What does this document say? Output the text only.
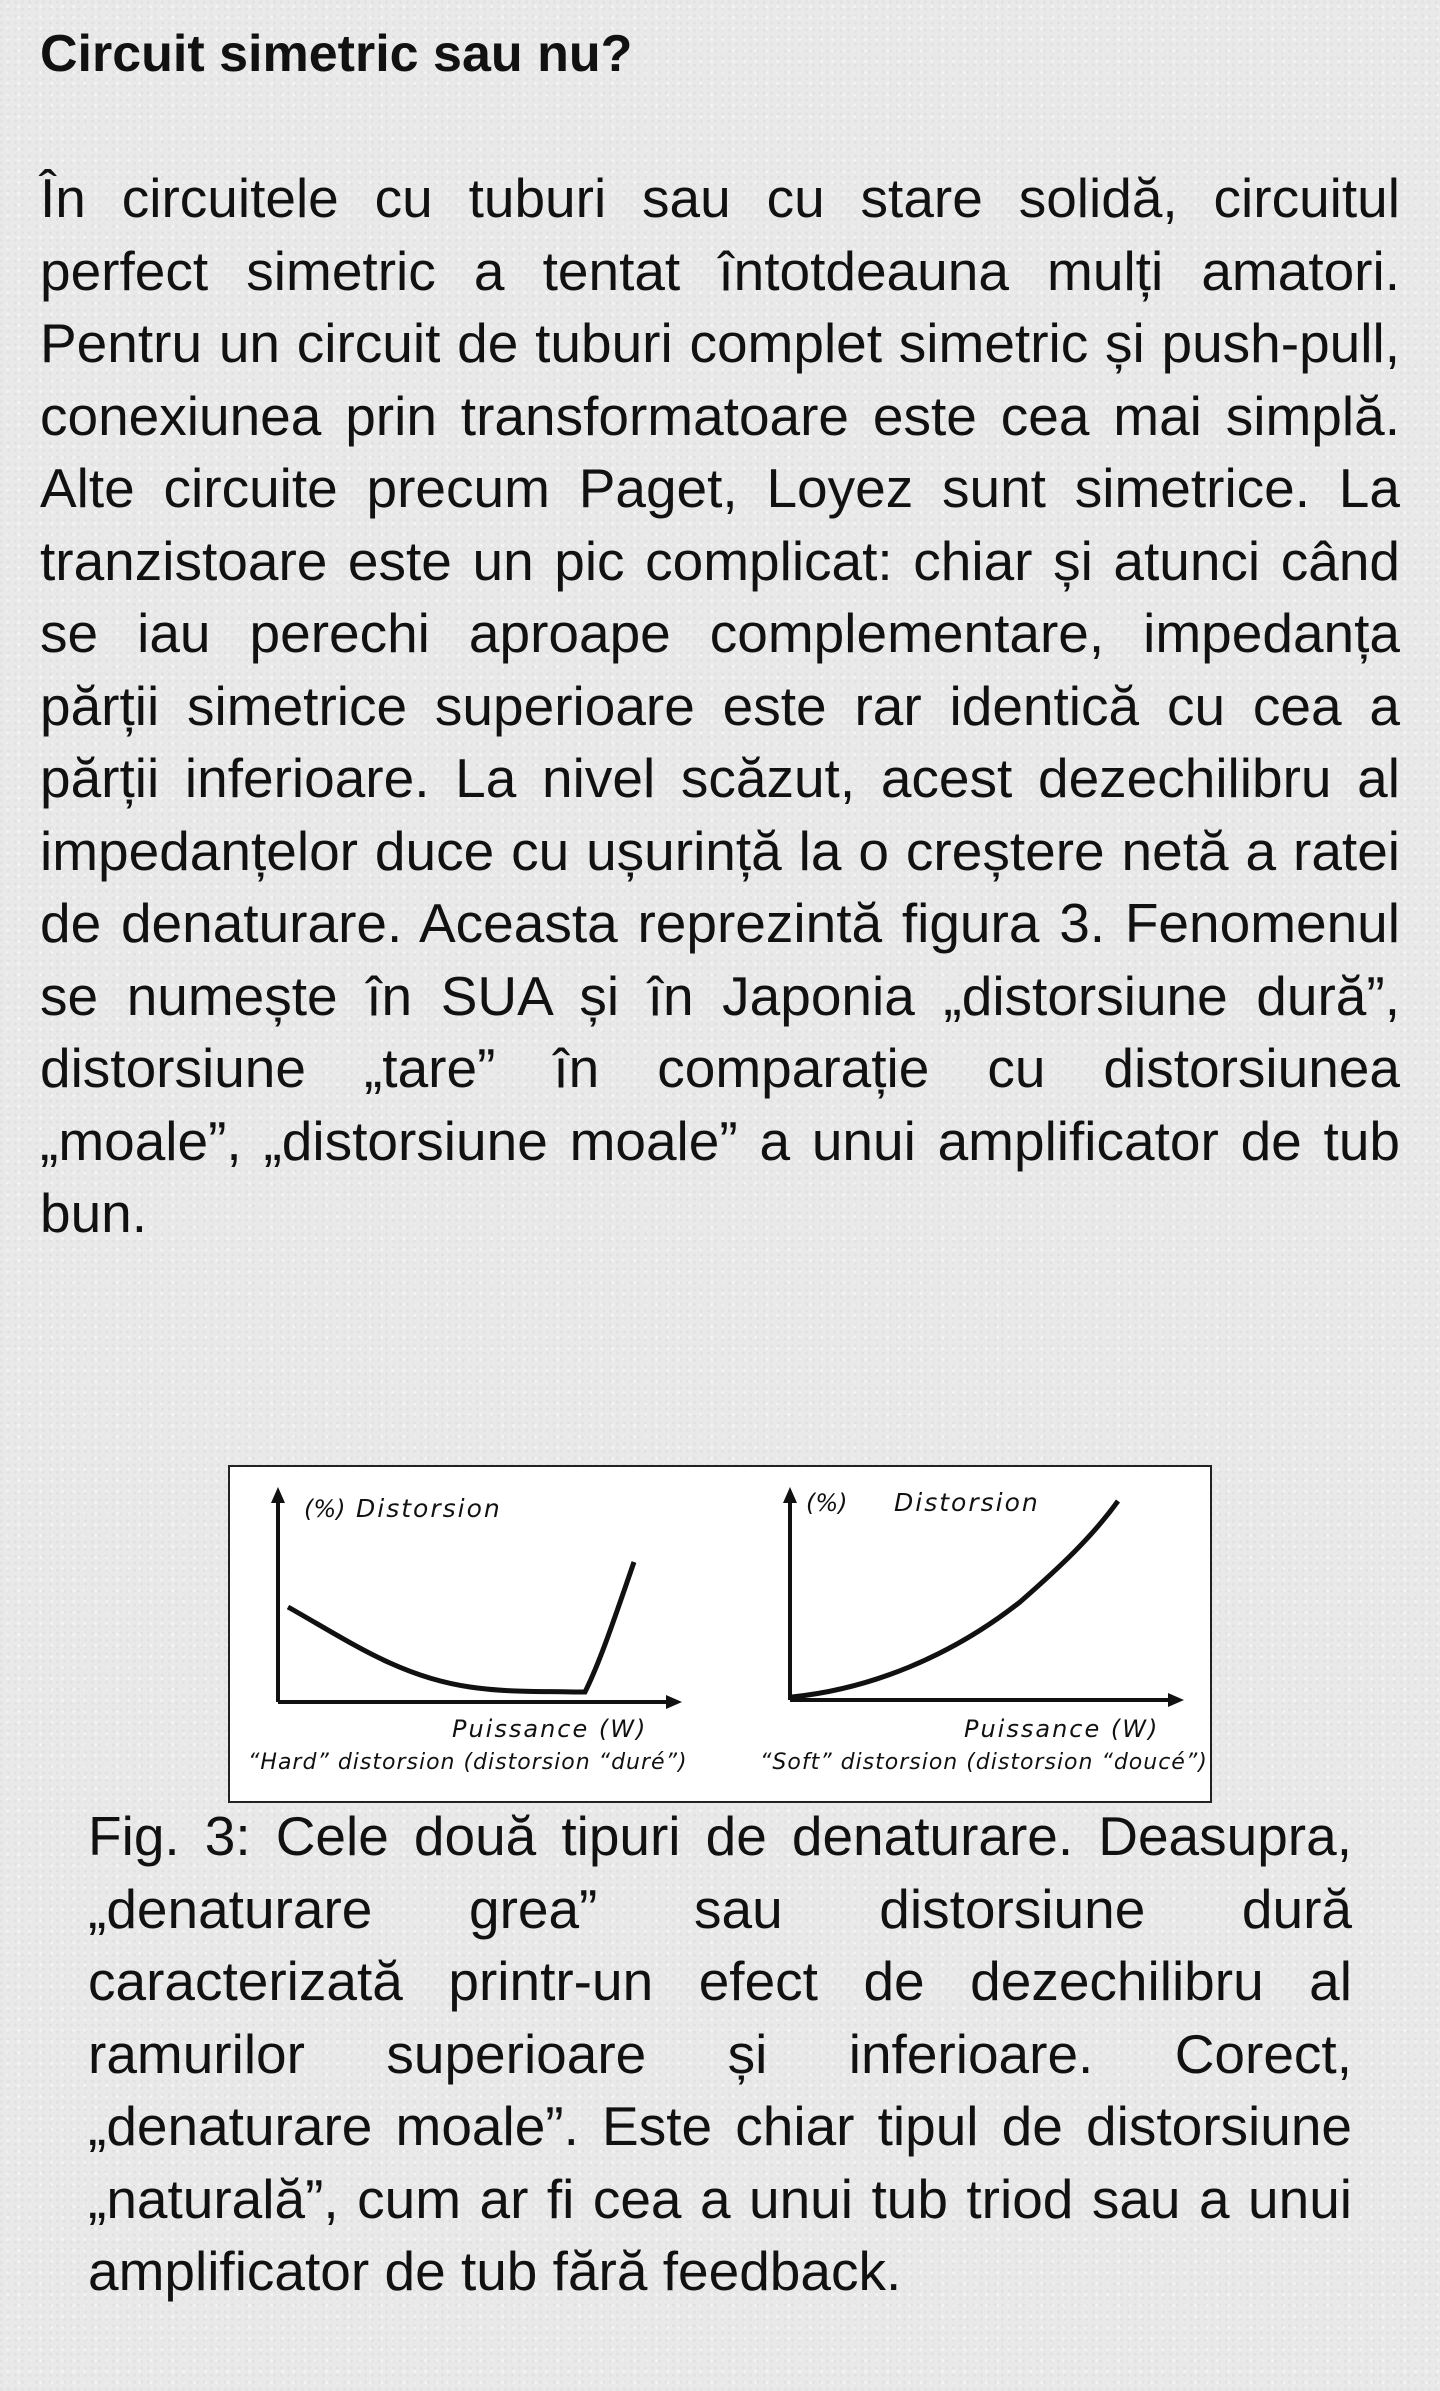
Circuit simetric sau nu?
În circuitele cu tuburi sau cu stare solidă, circuitul perfect simetric a tentat întotdeauna mulți amatori. Pentru un circuit de tuburi complet simetric și push-pull, conexiunea prin transformatoare este cea mai simplă. Alte circuite precum Paget, Loyez sunt simetrice. La tranzistoare este un pic complicat: chiar și atunci când se iau perechi aproape complementare, impedanța părții simetrice superioare este rar identică cu cea a părții inferioare. La nivel scăzut, acest dezechilibru al impedanțelor duce cu ușurință la o creștere netă a ratei de denaturare. Aceasta reprezintă figura 3. Fenomenul se numește în SUA și în Japonia „distorsiune dură”, distorsiune „tare” în comparație cu distorsiunea „moale”, „distorsiune moale” a unui amplificator de tub bun.
(%) Distorsion
Puissance (W)
“Hard” distorsion (distorsion “duré”)
(%) Distorsion
Puissance (W)
“Soft” distorsion (distorsion “doucé”)
Fig. 3: Cele două tipuri de denaturare. Deasupra, „denaturare grea” sau distorsiune dură caracterizată printr-un efect de dezechilibru al ramurilor superioare și inferioare. Corect, „denaturare moale”. Este chiar tipul de distorsiune „naturală”, cum ar fi cea a unui tub triod sau a unui amplificator de tub fără feedback.
